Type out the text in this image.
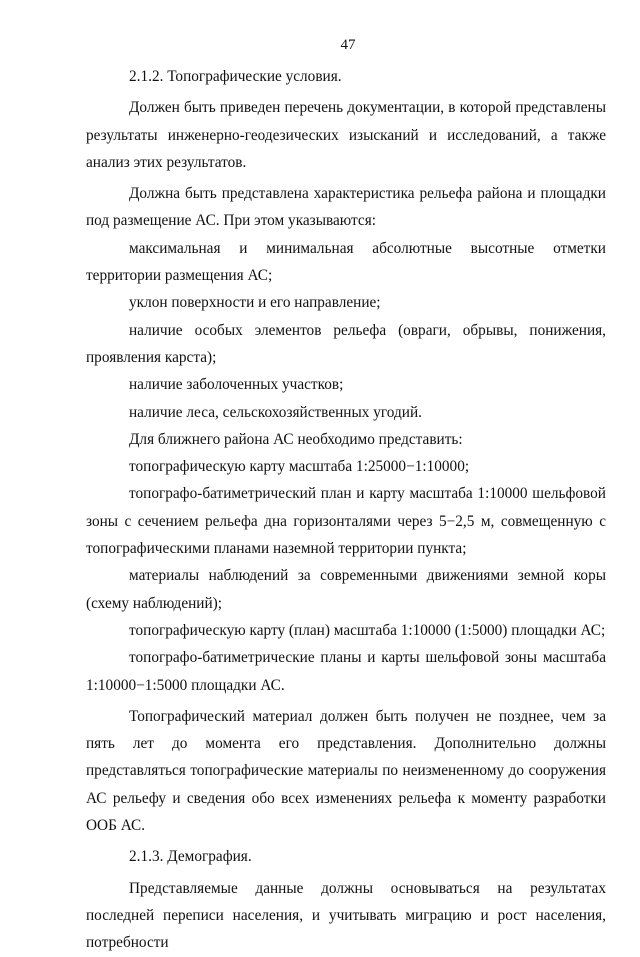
47

2.1.2. Топографические условия.

Должен быть приведен перечень документации, в которой представлены результаты инженерно-геодезических изысканий и исследований, а также анализ этих результатов.

Должна быть представлена характеристика рельефа района и площадки под размещение АС. При этом указываются:

максимальная и минимальная абсолютные высотные отметки территории размещения АС;

уклон поверхности и его направление;

наличие особых элементов рельефа (овраги, обрывы, понижения, проявления карста);

наличие заболоченных участков;

наличие леса, сельскохозяйственных угодий.

Для ближнего района АС необходимо представить:

топографическую карту масштаба 1:25000−1:10000;

топографо-батиметрический план и карту масштаба 1:10000 шельфовой зоны с сечением рельефа дна горизонталями через 5−2,5 м, совмещенную с топографическими планами наземной территории пункта;

материалы наблюдений за современными движениями земной коры (схему наблюдений);

топографическую карту (план) масштаба 1:10000 (1:5000) площадки АС;

топографо-батиметрические планы и карты шельфовой зоны масштаба 1:10000−1:5000 площадки АС.

Топографический материал должен быть получен не позднее, чем за пять лет до момента его представления. Дополнительно должны представляться топографические материалы по неизмененному до сооружения АС рельефу и сведения обо всех изменениях рельефа к моменту разработки ООБ АС.

2.1.3. Демография.

Представляемые данные должны основываться на результатах последней переписи населения, и учитывать миграцию и рост населения, потребности
